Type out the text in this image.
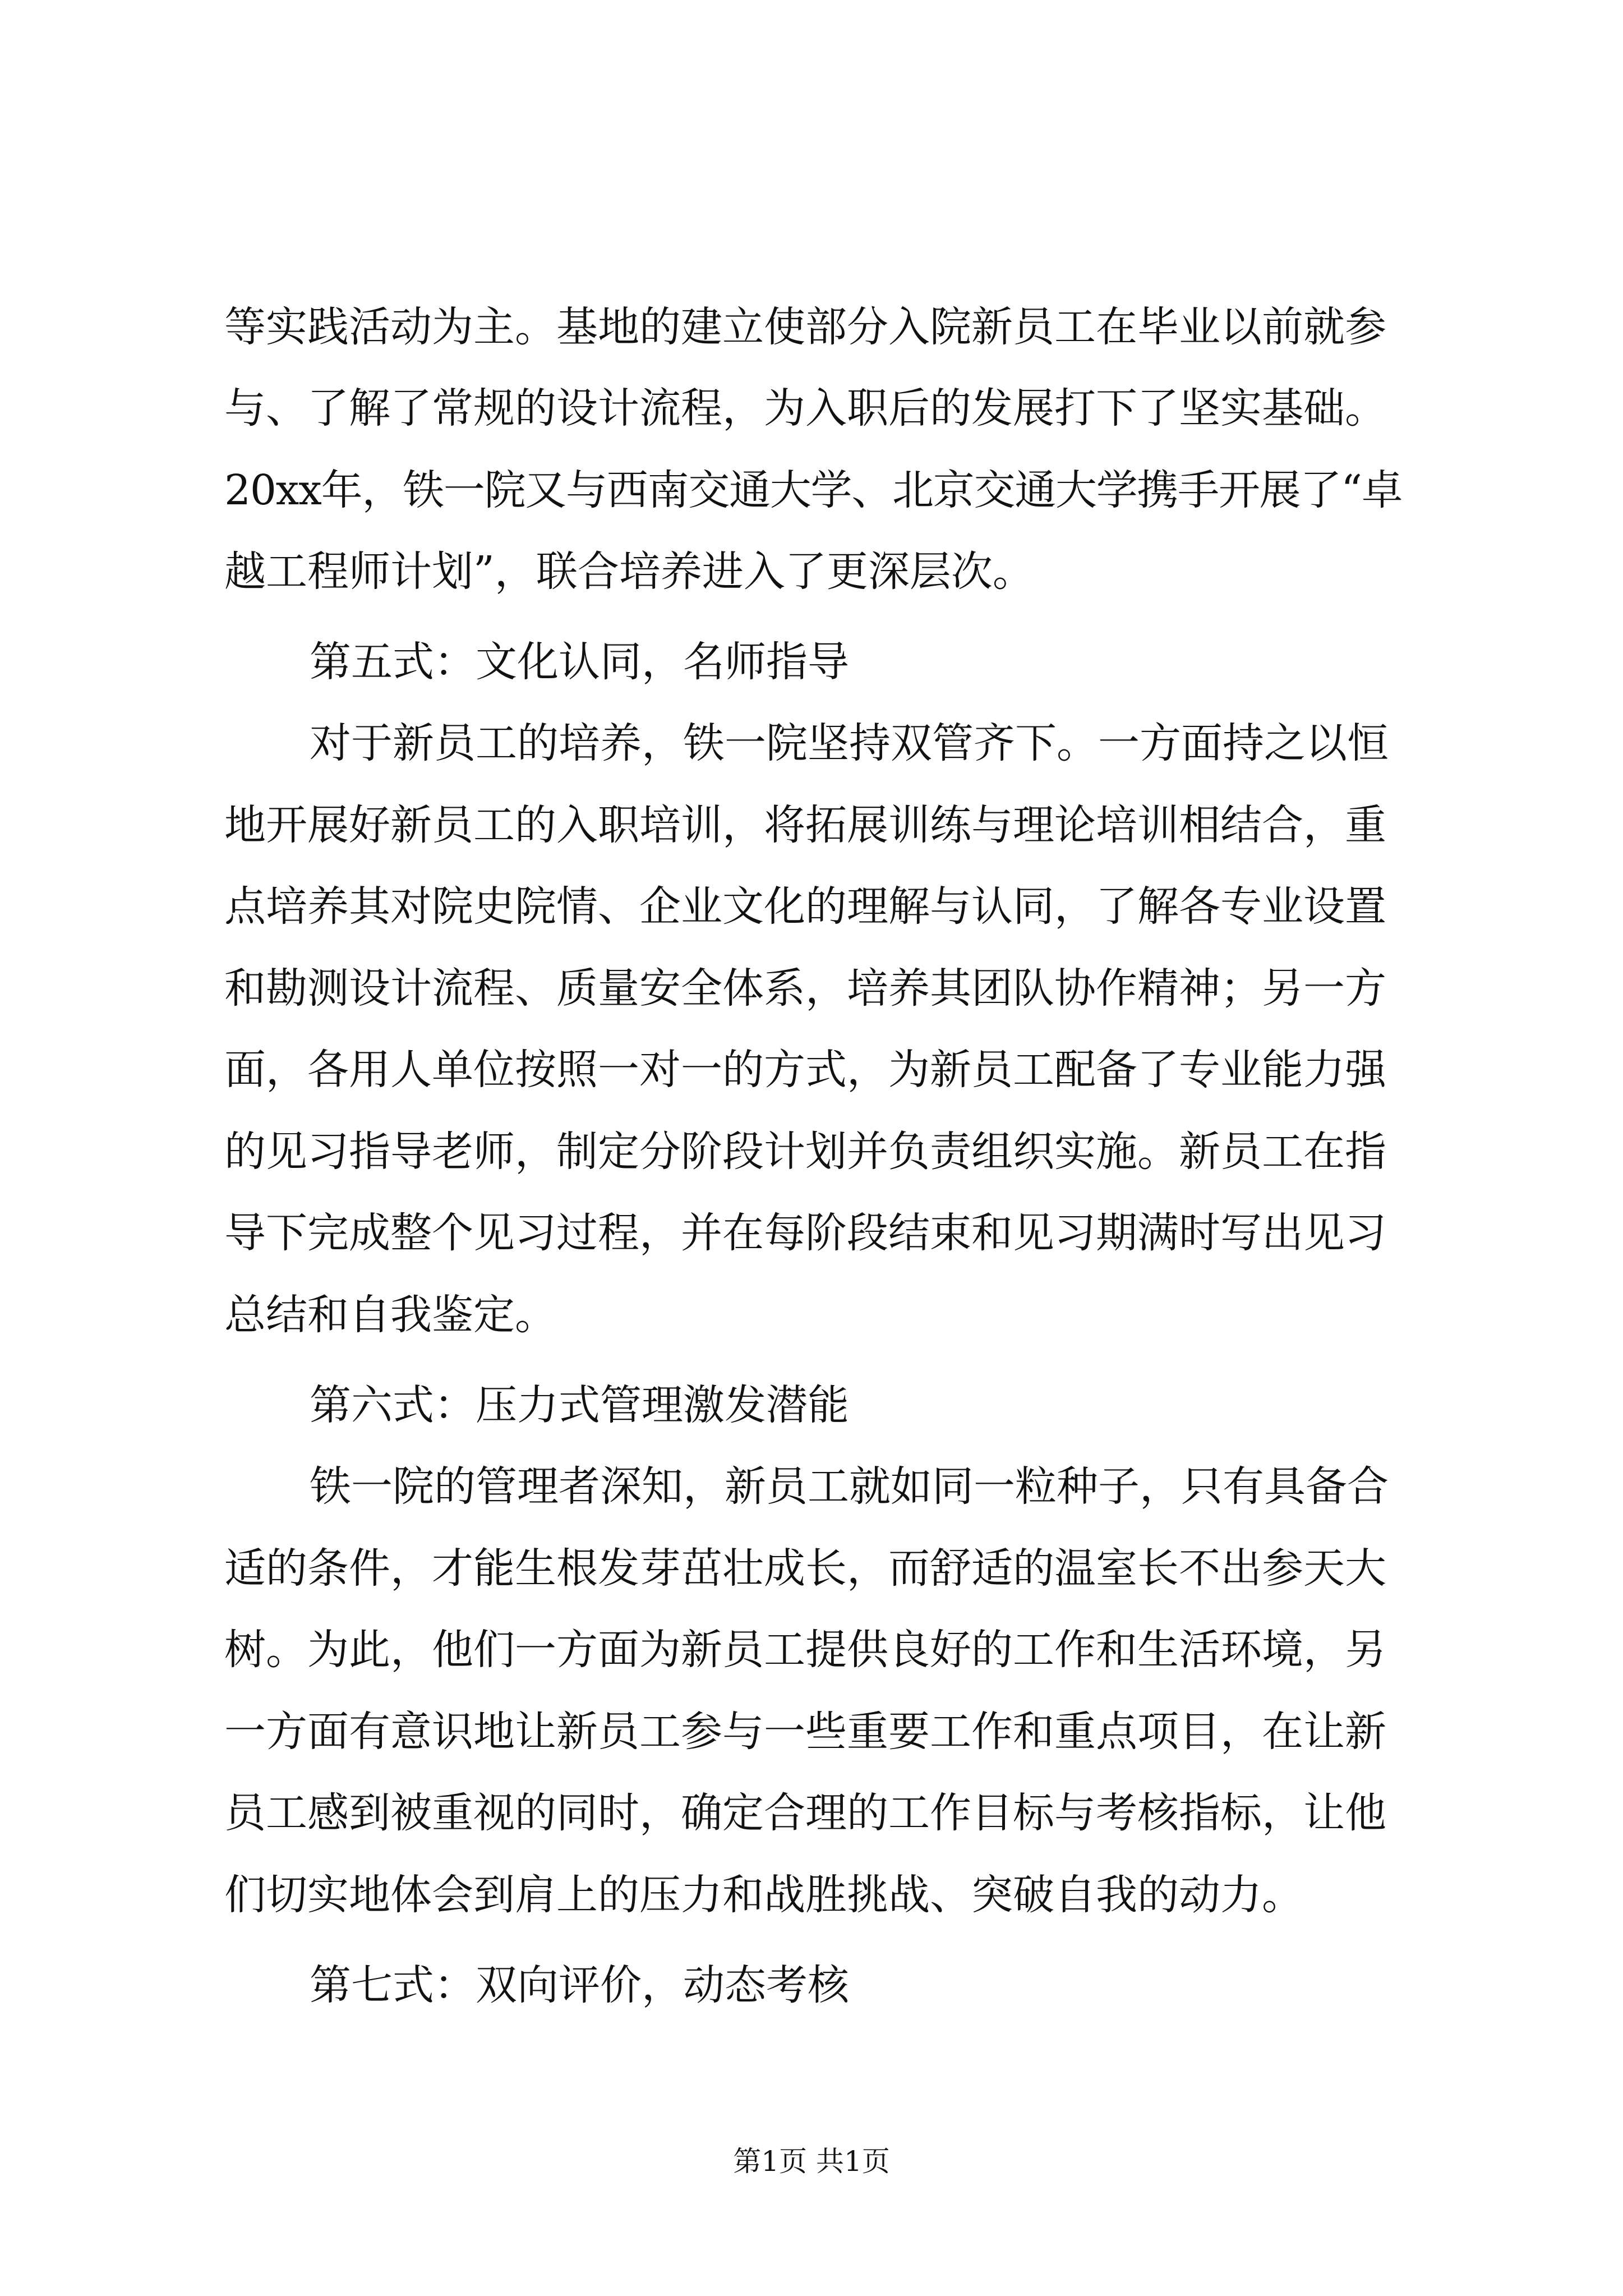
等实践活动为主。基地的建立使部分入院新员工在毕业以前就参
与、了解了常规的设计流程，为入职后的发展打下了坚实基础。
20xx年，铁一院又与西南交通大学、北京交通大学携手开展了“卓
越工程师计划”，联合培养进入了更深层次。
第五式：文化认同，名师指导
对于新员工的培养，铁一院坚持双管齐下。一方面持之以恒
地开展好新员工的入职培训，将拓展训练与理论培训相结合，重
点培养其对院史院情、企业文化的理解与认同，了解各专业设置
和勘测设计流程、质量安全体系，培养其团队协作精神；另一方
面，各用人单位按照一对一的方式，为新员工配备了专业能力强
的见习指导老师，制定分阶段计划并负责组织实施。新员工在指
导下完成整个见习过程，并在每阶段结束和见习期满时写出见习
总结和自我鉴定。
第六式：压力式管理激发潜能
铁一院的管理者深知，新员工就如同一粒种子，只有具备合
适的条件，才能生根发芽茁壮成长，而舒适的温室长不出参天大
树。为此，他们一方面为新员工提供良好的工作和生活环境，另
一方面有意识地让新员工参与一些重要工作和重点项目，在让新
员工感到被重视的同时，确定合理的工作目标与考核指标，让他
们切实地体会到肩上的压力和战胜挑战、突破自我的动力。
第七式：双向评价，动态考核
第1页 共1页
